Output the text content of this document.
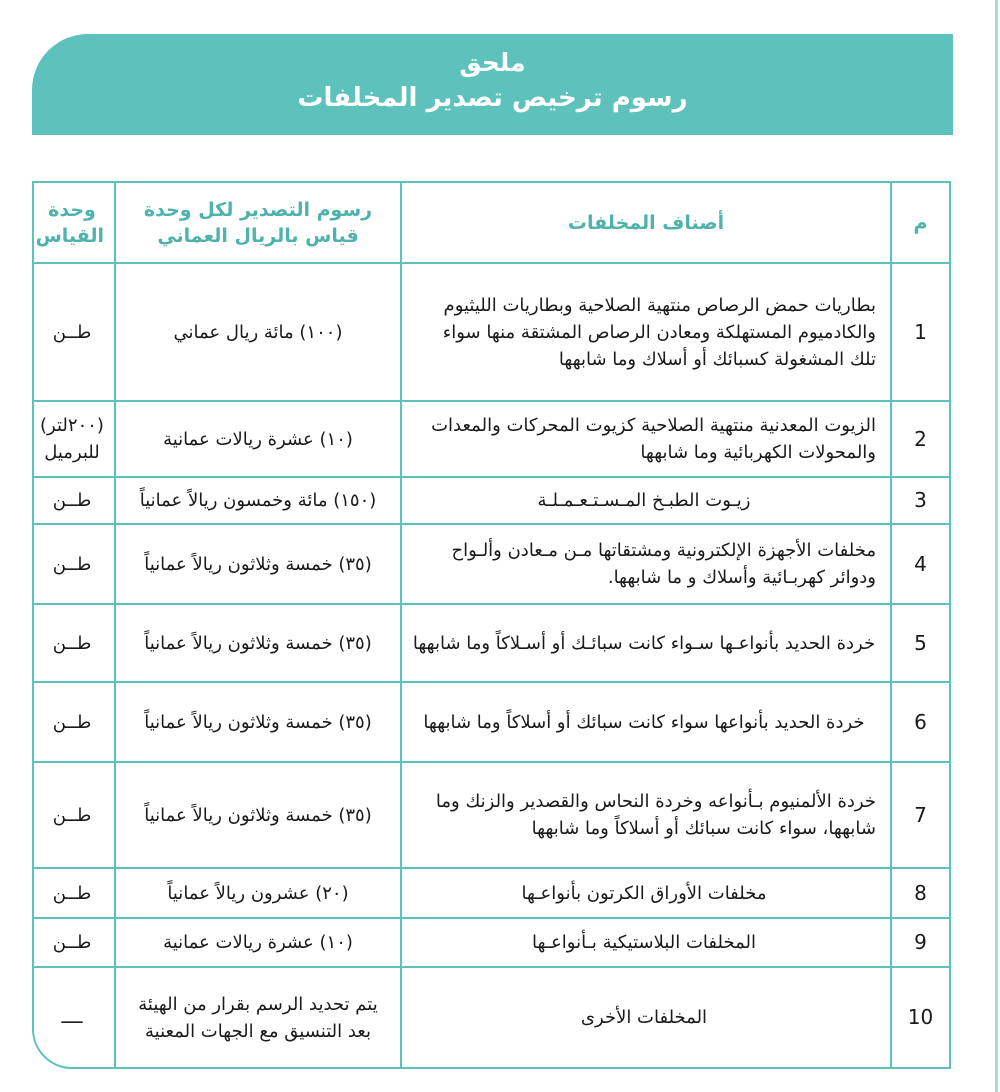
ملحق
رسوم ترخيص تصدير المخلفات
م	أصناف المخلفات	رسوم التصدير لكل وحدة قياس بالريال العماني	وحدة القياس
1	بطاريات حمض الرصاص منتهية الصلاحية وبطاريات الليثيوم والكادميوم المستهلكة ومعادن الرصاص المشتقة منها سواء تلك المشغولة كسبائك أو أسلاك وما شابهها	(١٠٠) مائة ريال عماني	طــن
2	الزيوت المعدنية منتهية الصلاحية كزيوت المحركات والمعدات والمحولات الكهربائية وما شابهها	(١٠) عشرة ريالات عمانية	(٢٠٠لتر) للبرميل
3	زيـوت الطبـخ المـسـتـعـمـلـة	(١٥٠) مائة وخمسون ريالاً عمانياً	طــن
4	مخلفات الأجهزة الإلكترونية ومشتقاتها مـن مـعادن وألـواح ودوائر كهربـائية وأسلاك و ما شابهها.	(٣٥) خمسة وثلاثون ريالاً عمانياً	طــن
5	خردة الحديد بأنواعـها سـواء كانت سبائـك أو أسـلاكاً وما شابهها	(٣٥) خمسة وثلاثون ريالاً عمانياً	طــن
6	خردة الحديد بأنواعها سواء كانت سبائك أو أسلاكاً وما شابهها	(٣٥) خمسة وثلاثون ريالاً عمانياً	طــن
7	خردة الألمنيوم بـأنواعه وخردة النحاس والقصدير والزنك وما شابهها، سواء كانت سبائك أو أسلاكاً وما شابهها	(٣٥) خمسة وثلاثون ريالاً عمانياً	طــن
8	مخلفات الأوراق الكرتون بأنواعـها	(٢٠) عشرون ريالاً عمانياً	طــن
9	المخلفات البلاستيكية بـأنواعـها	(١٠) عشرة ريالات عمانية	طــن
10	المخلفات الأخرى	يتم تحديد الرسم بقرار من الهيئة بعد التنسيق مع الجهات المعنية	ــــ
